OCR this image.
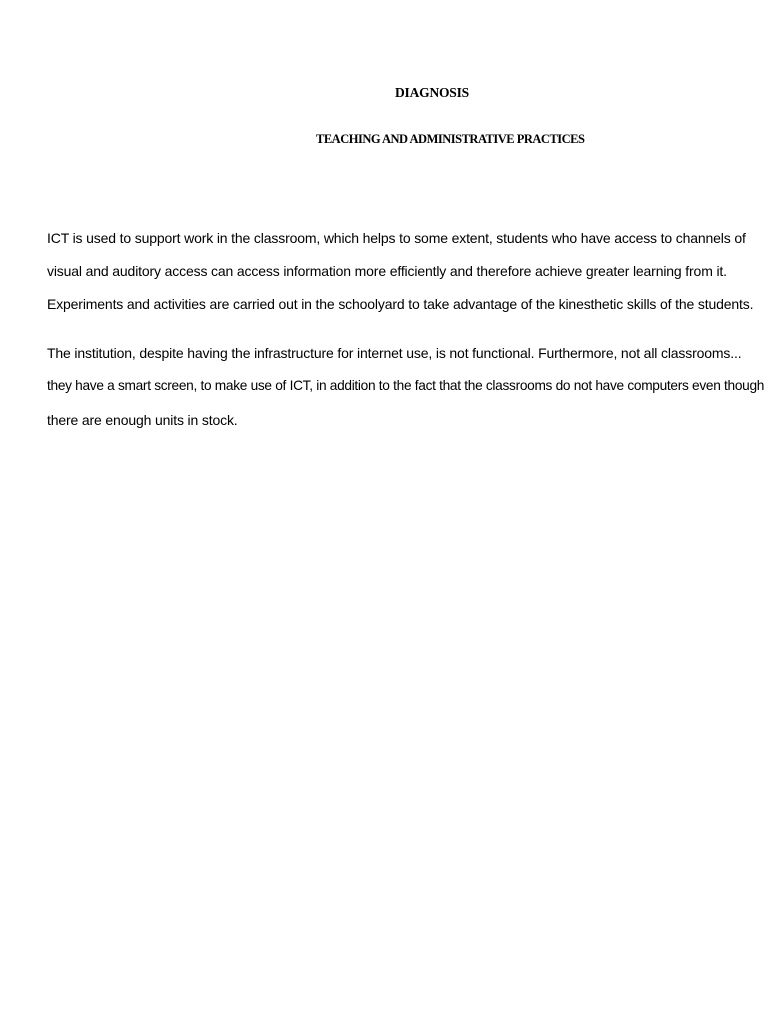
DIAGNOSIS
TEACHING AND ADMINISTRATIVE PRACTICES
ICT is used to support work in the classroom, which helps to some extent, students who have access to channels of
visual and auditory access can access information more efficiently and therefore achieve greater learning from it.
Experiments and activities are carried out in the schoolyard to take advantage of the kinesthetic skills of the students.
The institution, despite having the infrastructure for internet use, is not functional. Furthermore, not all classrooms...
they have a smart screen, to make use of ICT, in addition to the fact that the classrooms do not have computers even though
there are enough units in stock.
